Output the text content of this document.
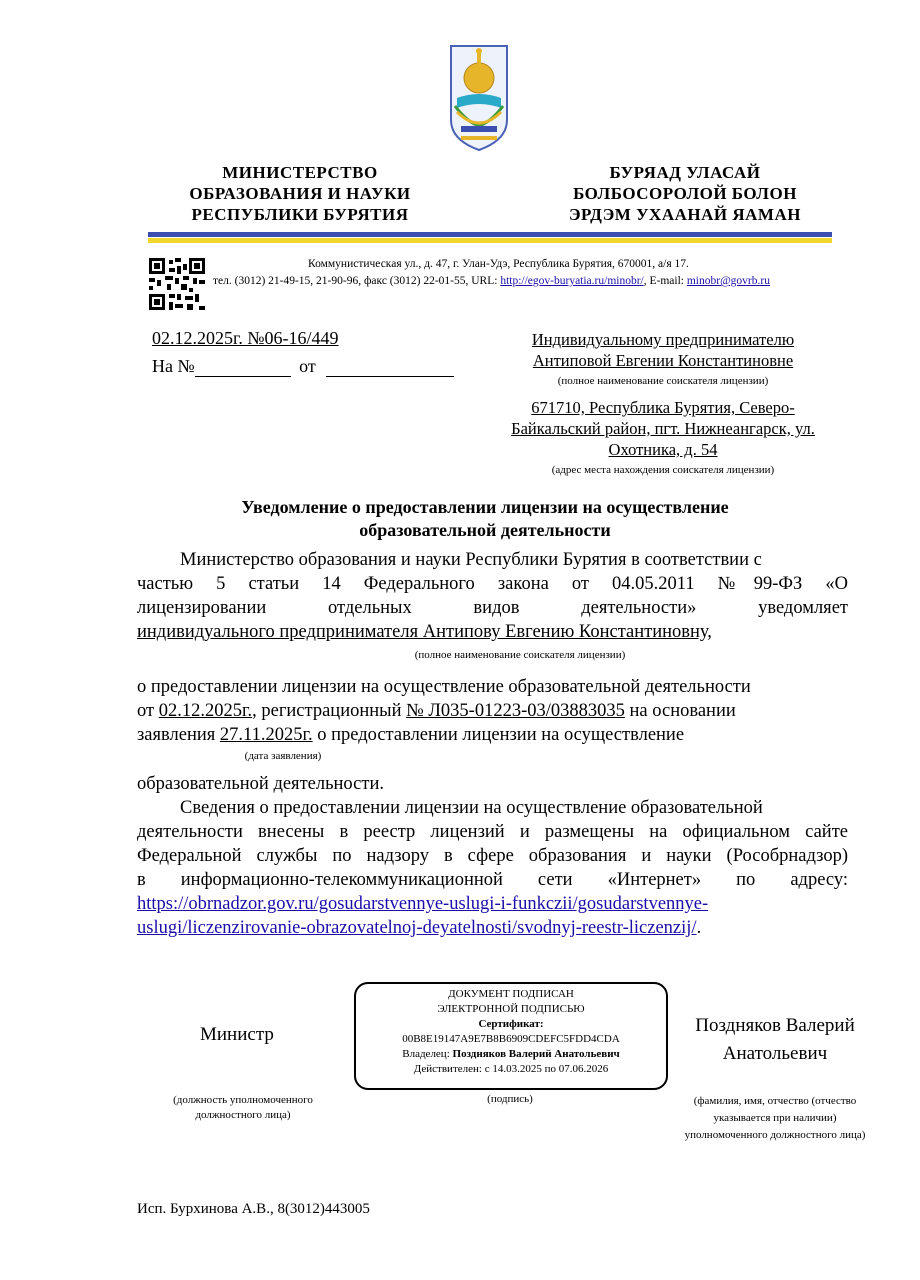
МИНИСТЕРСТВО
ОБРАЗОВАНИЯ И НАУКИ
РЕСПУБЛИКИ БУРЯТИЯ
БУРЯАД УЛАСАЙ
БОЛБОСОРОЛОЙ БОЛОН
ЭРДЭМ УХААНАЙ ЯАМАН
Коммунистическая ул., д. 47, г. Улан-Удэ, Республика Бурятия, 670001, а/я 17.
тел. (3012) 21-49-15, 21-90-96, факс (3012) 22-01-55, URL: http://egov-buryatia.ru/minobr/, E-mail: minobr@govrb.ru
02.12.2025г. №06-16/449
На №	от
Индивидуальному предпринимателю
Антиповой Евгении Константиновне
(полное наименование соискателя лицензии)
671710, Республика Бурятия, Северо-
Байкальский район, пгт. Нижнеангарск, ул.
Охотника, д. 54
(адрес места нахождения соискателя лицензии)
Уведомление о предоставлении лицензии на осуществление
образовательной деятельности
Министерство образования и науки Республики Бурятия в соответствии с
частью 5 статьи 14 Федерального закона от 04.05.2011 №99-ФЗ «О
лицензировании отдельных видов деятельности» уведомляет
индивидуального предпринимателя Антипову Евгению Константиновну,
(полное наименование соискателя лицензии)
о предоставлении лицензии на осуществление образовательной деятельности
от 02.12.2025г., регистрационный № Л035-01223-03/03883035 на основании
заявления 27.11.2025г. о предоставлении лицензии на осуществление
(дата заявления)
образовательной деятельности.
Сведения о предоставлении лицензии на осуществление образовательной
деятельности внесены в реестр лицензий и размещены на официальном сайте
Федеральной службы по надзору в сфере образования и науки (Рособрнадзор)
в информационно-телекоммуникационной сети «Интернет» по адресу:
https://obrnadzor.gov.ru/gosudarstvennye-uslugi-i-funkczii/gosudarstvennye-
uslugi/liczenzirovanie-obrazovatelnoj-deyatelnosti/svodnyj-reestr-liczenzij/.
Министр
(должность уполномоченного должностного лица)
ДОКУМЕНТ ПОДПИСАН
ЭЛЕКТРОННОЙ ПОДПИСЬЮ
Сертификат:
00B8E19147A9E7B8B6909CDEFC5FDD4CDA
Владелец: Поздняков Валерий Анатольевич
Действителен: с 14.03.2025 по 07.06.2026
(подпись)
Поздняков Валерий
Анатольевич
(фамилия, имя, отчество (отчество указывается при наличии) уполномоченного должностного лица)
Исп. Бурхинова А.В., 8(3012)443005
